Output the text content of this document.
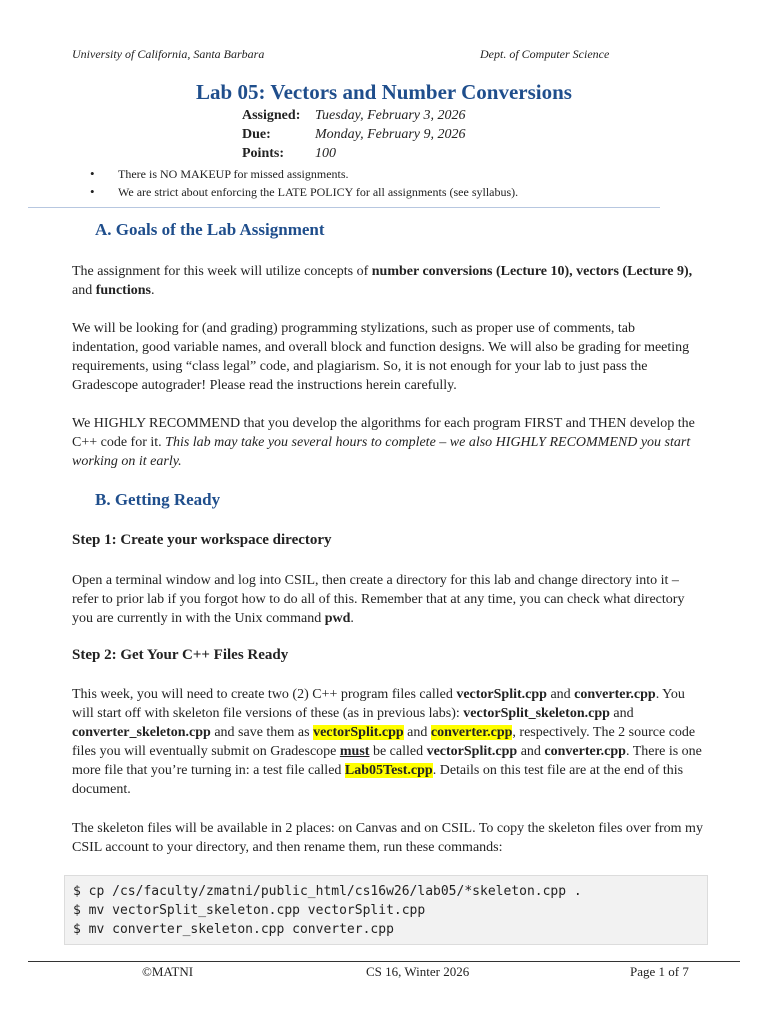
University of California, Santa Barbara	Dept. of Computer Science
Lab 05: Vectors and Number Conversions
Assigned: Tuesday, February 3, 2026
Due:	Monday, February 9, 2026
Points: 100
• There is NO MAKEUP for missed assignments.
• We are strict about enforcing the LATE POLICY for all assignments (see syllabus).
A. Goals of the Lab Assignment
The assignment for this week will utilize concepts of number conversions (Lecture 10), vectors (Lecture 9), and functions.
We will be looking for (and grading) programming stylizations, such as proper use of comments, tab indentation, good variable names, and overall block and function designs. We will also be grading for meeting requirements, using “class legal” code, and plagiarism. So, it is not enough for your lab to just pass the Gradescope autograder! Please read the instructions herein carefully.
We HIGHLY RECOMMEND that you develop the algorithms for each program FIRST and THEN develop the C++ code for it. This lab may take you several hours to complete – we also HIGHLY RECOMMEND you start working on it early.
B. Getting Ready
Step 1: Create your workspace directory
Open a terminal window and log into CSIL, then create a directory for this lab and change directory into it – refer to prior lab if you forgot how to do all of this. Remember that at any time, you can check what directory you are currently in with the Unix command pwd.
Step 2: Get Your C++ Files Ready
This week, you will need to create two (2) C++ program files called vectorSplit.cpp and converter.cpp. You will start off with skeleton file versions of these (as in previous labs): vectorSplit_skeleton.cpp and converter_skeleton.cpp and save them as vectorSplit.cpp and converter.cpp, respectively. The 2 source code files you will eventually submit on Gradescope must be called vectorSplit.cpp and converter.cpp. There is one more file that you’re turning in: a test file called Lab05Test.cpp. Details on this test file are at the end of this document.
The skeleton files will be available in 2 places: on Canvas and on CSIL. To copy the skeleton files over from my CSIL account to your directory, and then rename them, run these commands:
$ cp /cs/faculty/zmatni/public_html/cs16w26/lab05/*skeleton.cpp .
$ mv vectorSplit_skeleton.cpp vectorSplit.cpp
$ mv converter_skeleton.cpp converter.cpp
©MATNI	CS 16, Winter 2026	Page 1 of 7
